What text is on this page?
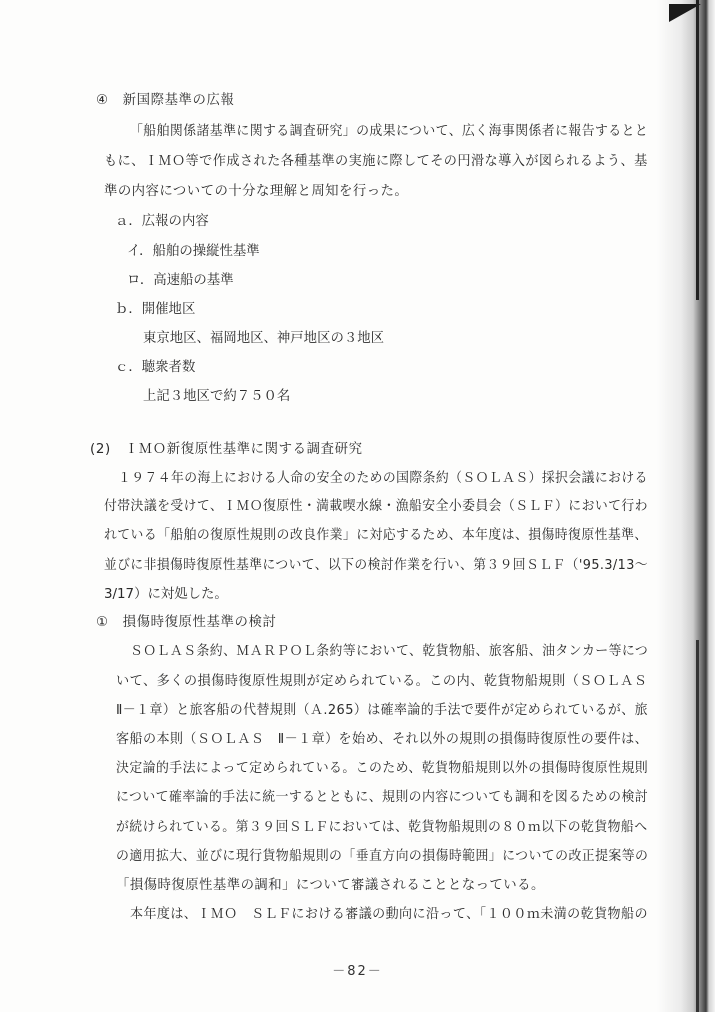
④　新国際基準の広報
「船舶関係諸基準に関する調査研究」の成果について、広く海事関係者に報告するとと
もに、ＩＭＯ等で作成された各種基準の実施に際してその円滑な導入が図られるよう、基
準の内容についての十分な理解と周知を行った。
ａ．広報の内容
イ．船舶の操縦性基準
ロ．高速船の基準
ｂ．開催地区
東京地区、福岡地区、神戸地区の３地区
ｃ．聴衆者数
上記３地区で約７５０名
(2)　ＩＭＯ新復原性基準に関する調査研究
１９７４年の海上における人命の安全のための国際条約（ＳＯＬＡＳ）採択会議における
付帯決議を受けて、ＩＭＯ復原性・満載喫水線・漁船安全小委員会（ＳＬＦ）において行わ
れている「船舶の復原性規則の改良作業」に対応するため、本年度は、損傷時復原性基準、
並びに非損傷時復原性基準について、以下の検討作業を行い、第３９回ＳＬＦ（'95.3/13～
3/17）に対処した。
①　損傷時復原性基準の検討
ＳＯＬＡＳ条約、ＭＡＲＰＯＬ条約等において、乾貨物船、旅客船、油タンカー等につ
いて、多くの損傷時復原性規則が定められている。この内、乾貨物船規則（ＳＯＬＡＳ
Ⅱ－１章）と旅客船の代替規則（Ａ.265）は確率論的手法で要件が定められているが、旅
客船の本則（ＳＯＬＡＳ　Ⅱ－１章）を始め、それ以外の規則の損傷時復原性の要件は、
決定論的手法によって定められている。このため、乾貨物船規則以外の損傷時復原性規則
について確率論的手法に統一するとともに、規則の内容についても調和を図るための検討
が続けられている。第３９回ＳＬＦにおいては、乾貨物船規則の８０ｍ以下の乾貨物船へ
の適用拡大、並びに現行貨物船規則の「垂直方向の損傷時範囲」についての改正提案等の
「損傷時復原性基準の調和」について審議されることとなっている。
本年度は、ＩＭＯ　ＳＬＦにおける審議の動向に沿って、「１００ｍ未満の乾貨物船の
－82－
